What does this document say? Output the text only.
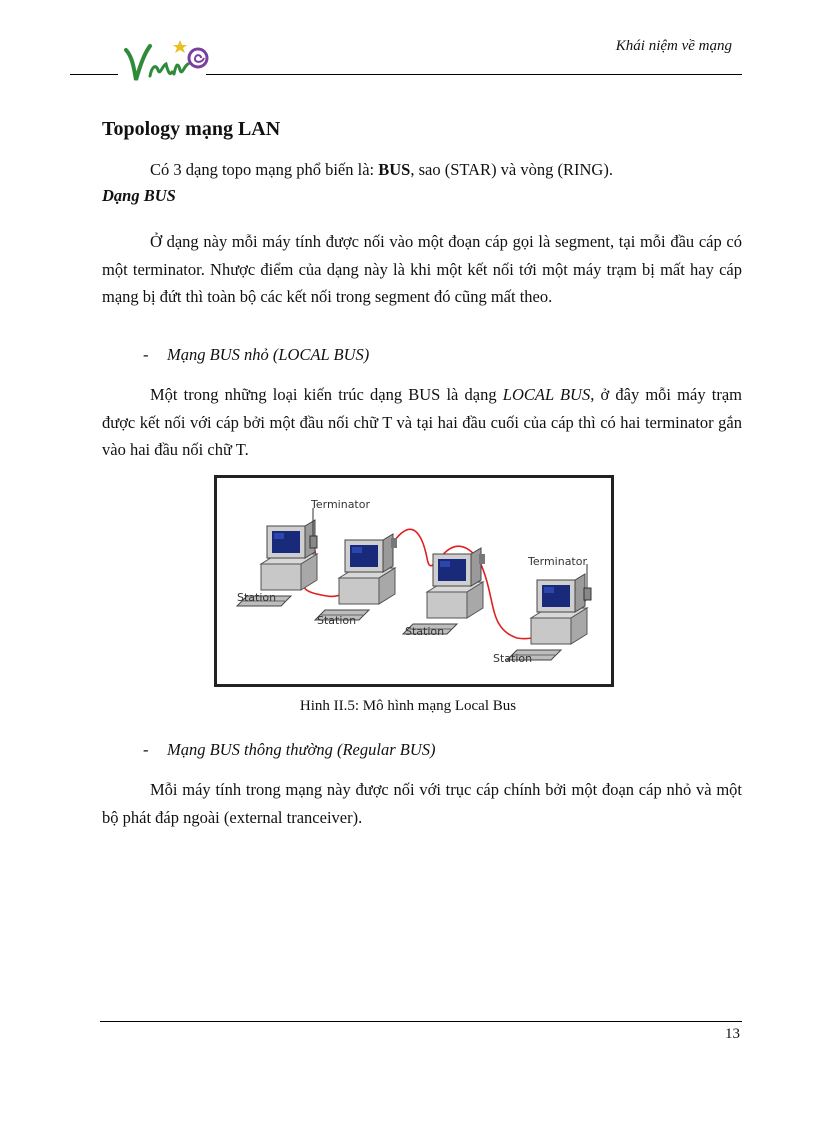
Khái niệm về mạng
Topology mạng LAN

Có 3 dạng topo mạng phổ biến là: BUS, sao (STAR) và vòng (RING).

Dạng BUS

Ở dạng này mỗi máy tính được nối vào một đoạn cáp gọi là segment, tại mỗi đầu cáp có một terminator. Nhược điểm của dạng này là khi một kết nối tới một máy trạm bị mất hay cáp mạng bị đứt thì toàn bộ các kết nối trong segment đó cũng mất theo.

- Mạng BUS nhỏ (LOCAL BUS)

Một trong những loại kiến trúc dạng BUS là dạng LOCAL BUS, ở đây mỗi máy trạm được kết nối với cáp bởi một đầu nối chữ T và tại hai đầu cuối của cáp thì có hai terminator gắn vào hai đầu nối chữ T.

Terminator
Terminator
Station
Station
Station
Station
Hinh II.5: Mô hình mạng Local Bus

- Mạng BUS thông thường (Regular BUS)

Mỗi máy tính trong mạng này được nối với trục cáp chính bởi một đoạn cáp nhỏ và một bộ phát đáp ngoài (external tranceiver).

13
